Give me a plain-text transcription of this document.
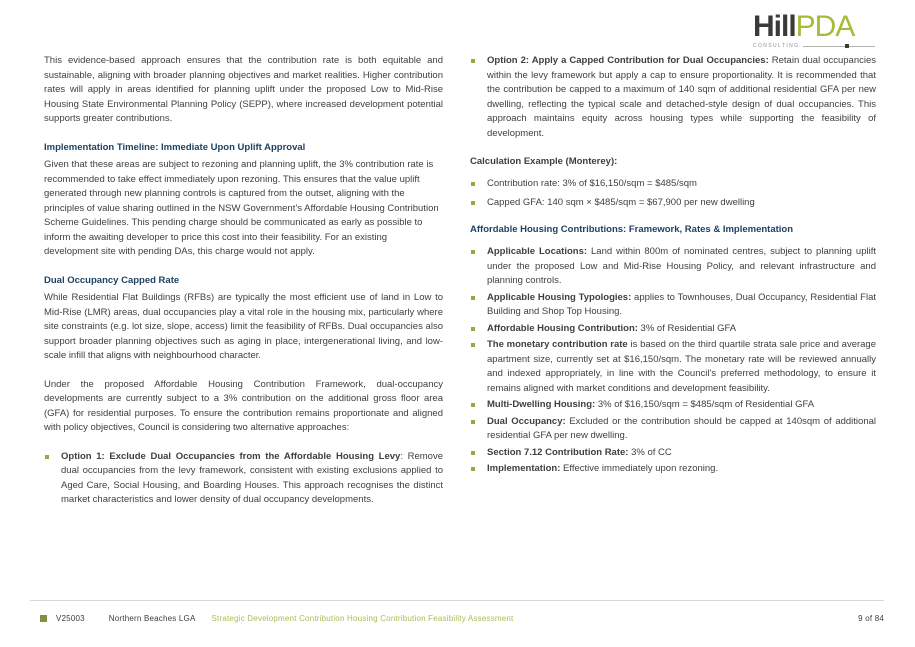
HillPDA
CONSULTING

This evidence-based approach ensures that the contribution rate is both equitable and sustainable, aligning with broader planning objectives and market realities. Higher contribution rates will apply in areas identified for planning uplift under the proposed Low to Mid-Rise Housing State Environmental Planning Policy (SEPP), where increased development potential supports greater contributions.

Implementation Timeline: Immediate Upon Uplift Approval

Given that these areas are subject to rezoning and planning uplift, the 3% contribution rate is recommended to take effect immediately upon rezoning. This ensures that the value uplift generated through new planning controls is captured from the outset, aligning with the principles of value sharing outlined in the NSW Government’s Affordable Housing Contribution Scheme Guidelines. This pending charge should be communicated as early as possible to inform the awaiting developer to price this cost into their feasibility. For an existing development site with pending DAs, this charge would not apply.

Dual Occupancy Capped Rate

While Residential Flat Buildings (RFBs) are typically the most efficient use of land in Low to Mid-Rise (LMR) areas, dual occupancies play a vital role in the housing mix, particularly where site constraints (e.g. lot size, slope, access) limit the feasibility of RFBs. Dual occupancies also support broader planning objectives such as aging in place, intergenerational living, and low-scale infill that aligns with neighbourhood character.

Under the proposed Affordable Housing Contribution Framework, dual-occupancy developments are currently subject to a 3% contribution on the additional gross floor area (GFA) for residential purposes. To ensure the contribution remains proportionate and aligned with policy objectives, Council is considering two alternative approaches:

Option 1: Exclude Dual Occupancies from the Affordable Housing Levy: Remove dual occupancies from the levy framework, consistent with existing exclusions applied to Aged Care, Social Housing, and Boarding Houses. This approach recognises the distinct market characteristics and lower density of dual occupancy developments.
Option 2: Apply a Capped Contribution for Dual Occupancies: Retain dual occupancies within the levy framework but apply a cap to ensure proportionality. It is recommended that the contribution be capped to a maximum of 140 sqm of additional residential GFA per new dwelling, reflecting the typical scale and detached-style design of dual occupancies. This approach maintains equity across housing types while supporting the feasibility of development.
Calculation Example (Monterey):
Contribution rate: 3% of $16,150/sqm = $485/sqm
Capped GFA: 140 sqm × $485/sqm = $67,900 per new dwelling
Affordable Housing Contributions: Framework, Rates & Implementation
Applicable Locations: Land within 800m of nominated centres, subject to planning uplift under the proposed Low and Mid-Rise Housing Policy, and relevant infrastructure and planning controls.
Applicable Housing Typologies: applies to Townhouses, Dual Occupancy, Residential Flat Building and Shop Top Housing.
Affordable Housing Contribution: 3% of Residential GFA
The monetary contribution rate is based on the third quartile strata sale price and average apartment size, currently set at $16,150/sqm. The monetary rate will be reviewed annually and indexed appropriately, in line with the Council’s preferred methodology, to ensure it remains aligned with market conditions and development feasibility.
Multi-Dwelling Housing: 3% of $16,150/sqm = $485/sqm of Residential GFA
Dual Occupancy: Excluded or the contribution should be capped at 140sqm of additional residential GFA per new dwelling.
Section 7.12 Contribution Rate: 3% of CC
Implementation: Effective immediately upon rezoning.
V25003	Northern Beaches LGA Strategic Development Contribution Housing Contribution Feasibility Assessment	9 of 84
